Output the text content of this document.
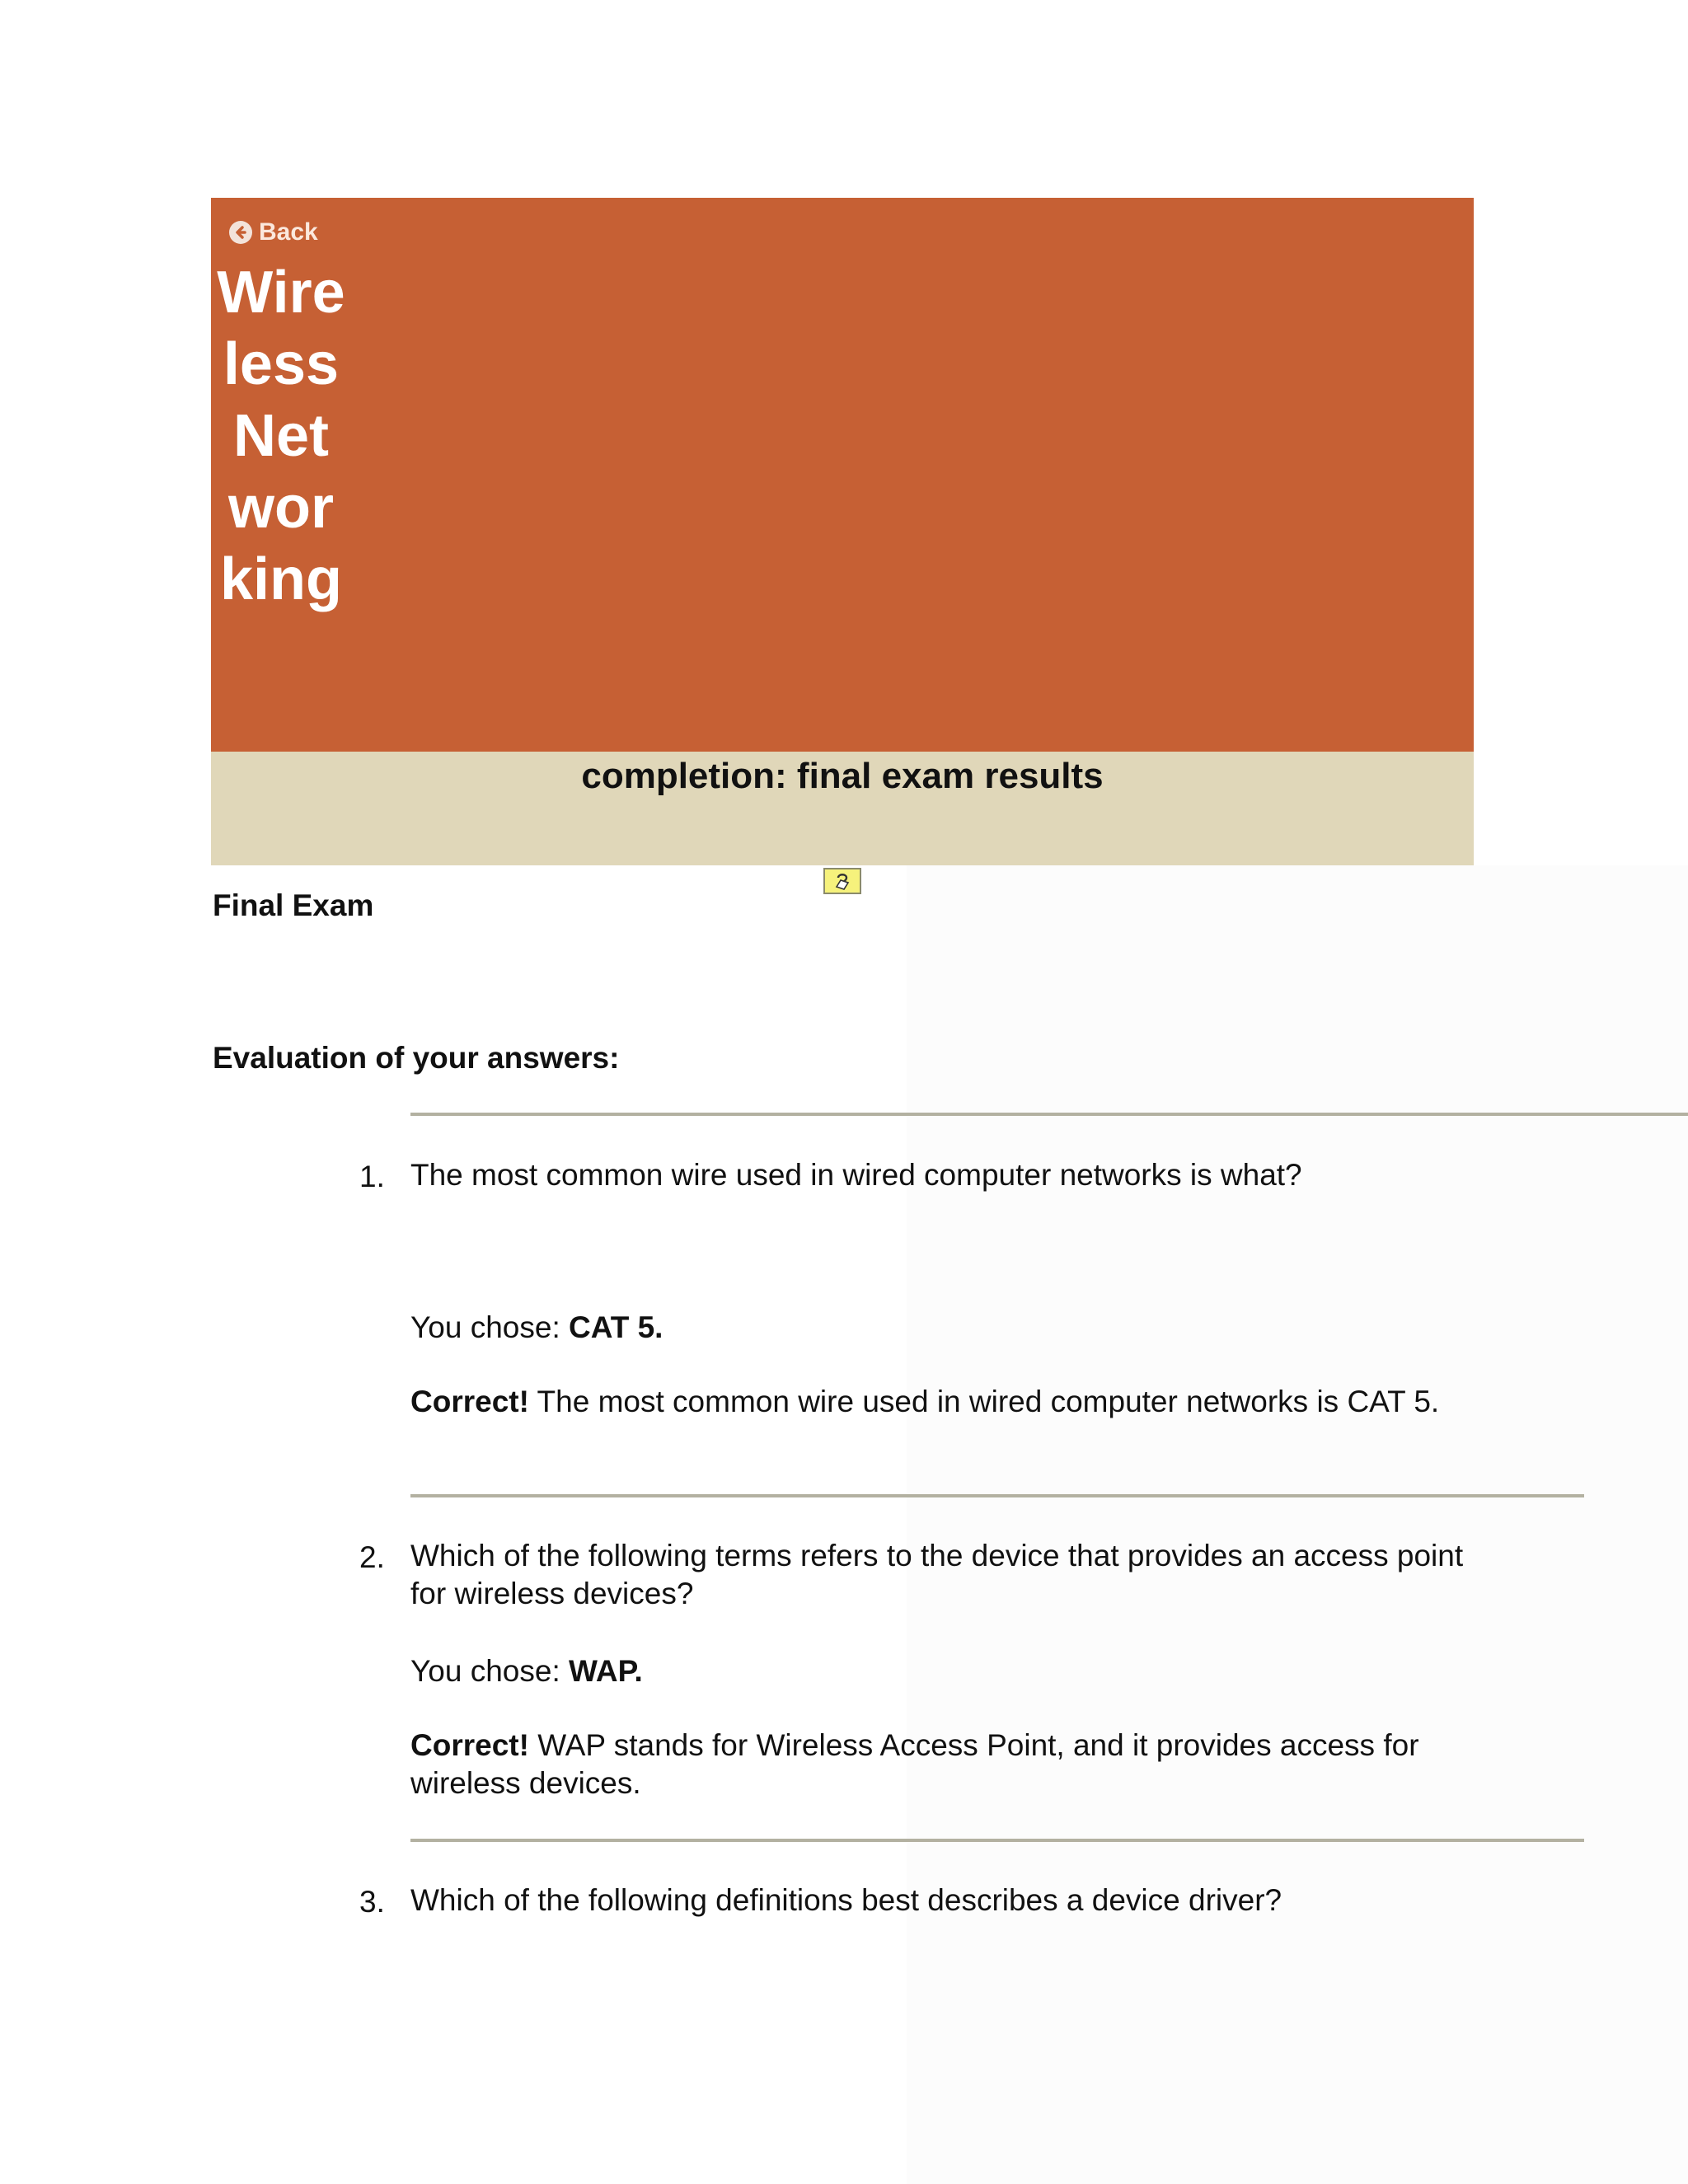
Back
Wire
less
Net
wor
king
completion: final exam results
Final Exam
Evaluation of your answers:
1. The most common wire used in wired computer networks is what?
You chose: CAT 5.
Correct! The most common wire used in wired computer networks is CAT 5.
2. Which of the following terms refers to the device that provides an access point for wireless devices?
You chose: WAP.
Correct! WAP stands for Wireless Access Point, and it provides access for wireless devices.
3. Which of the following definitions best describes a device driver?
